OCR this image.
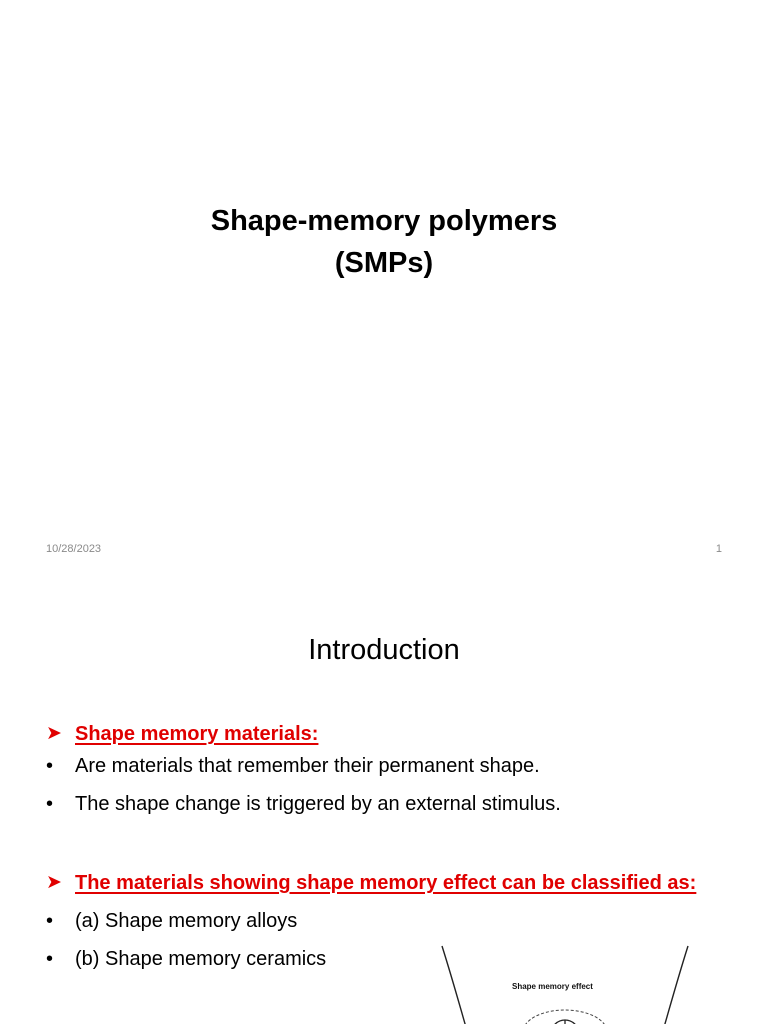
Shape-memory polymers
(SMPs)
10/28/2023	1
Introduction
➤ Shape memory materials:
•	Are materials that remember their permanent shape.
•	The shape change is triggered by an external stimulus.
➤ The materials showing shape memory effect can be classified as:
•	(a) Shape memory alloys
•	(b) Shape memory ceramics
Shape memory effect
